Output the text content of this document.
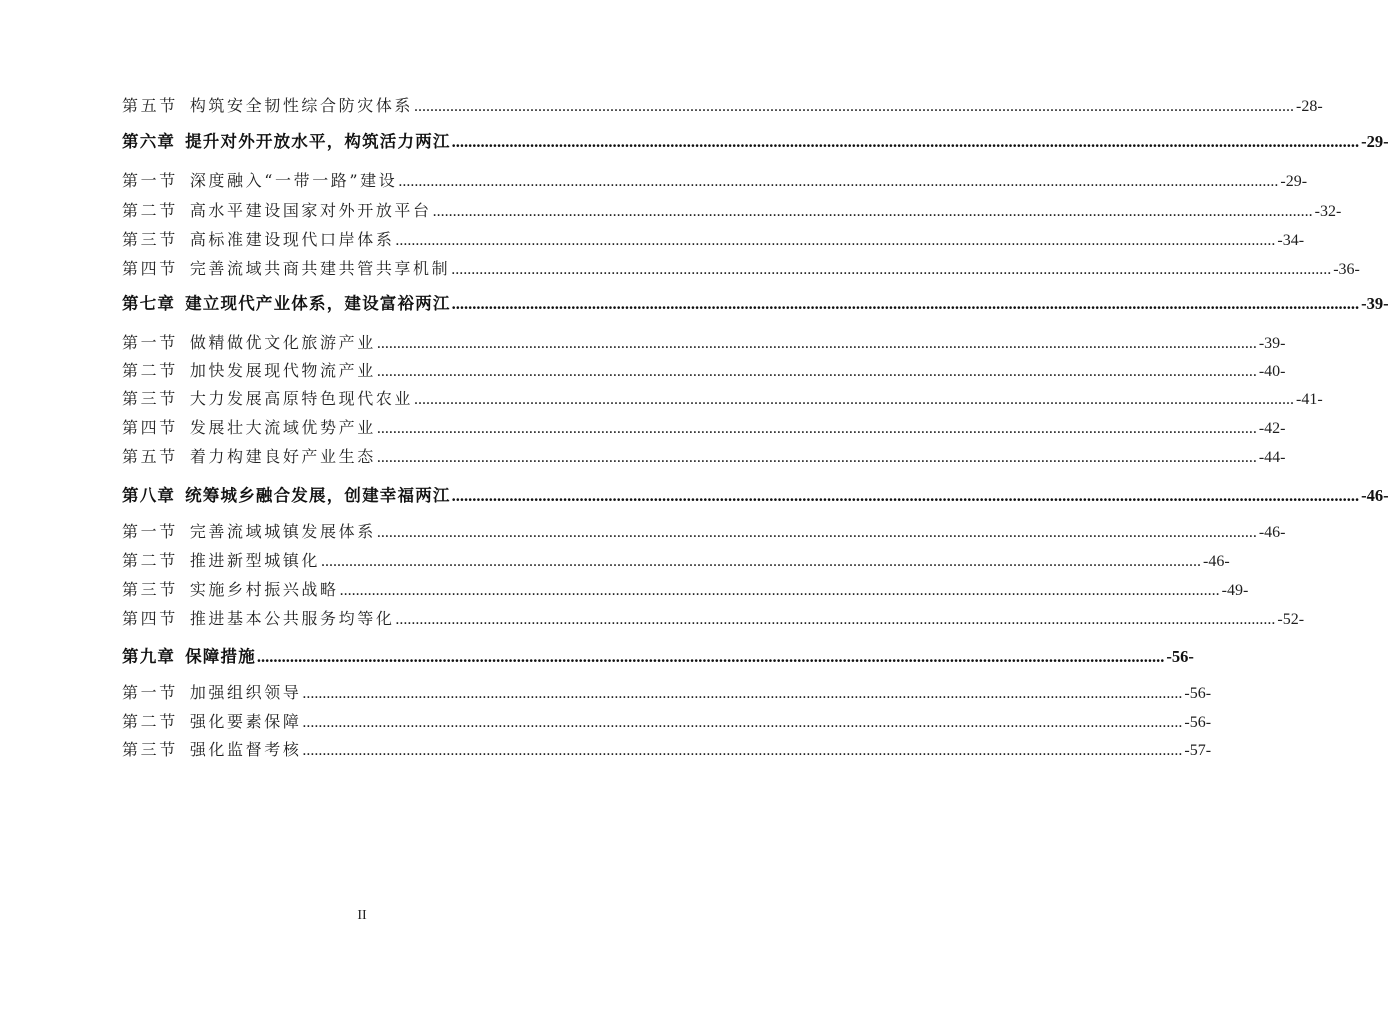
第五节 构筑安全韧性综合防灾体系 ............................................................................................................................................................................................................................ -28-
第六章 提升对外开放水平，构筑活力两江 ............................................................................................................................................................................................................................ -29-
第一节 深度融入“一带一路”建设 ............................................................................................................................................................................................................................ -29-
第二节 高水平建设国家对外开放平台 ............................................................................................................................................................................................................................ -32-
第三节 高标准建设现代口岸体系 ............................................................................................................................................................................................................................ -34-
第四节 完善流域共商共建共管共享机制 ............................................................................................................................................................................................................................ -36-
第七章 建立现代产业体系，建设富裕两江 ............................................................................................................................................................................................................................ -39-
第一节 做精做优文化旅游产业 ............................................................................................................................................................................................................................ -39-
第二节 加快发展现代物流产业 ............................................................................................................................................................................................................................ -40-
第三节 大力发展高原特色现代农业 ............................................................................................................................................................................................................................ -41-
第四节 发展壮大流域优势产业 ............................................................................................................................................................................................................................ -42-
第五节 着力构建良好产业生态 ............................................................................................................................................................................................................................ -44-
第八章 统筹城乡融合发展，创建幸福两江 ............................................................................................................................................................................................................................ -46-
第一节 完善流域城镇发展体系 ............................................................................................................................................................................................................................ -46-
第二节 推进新型城镇化 ............................................................................................................................................................................................................................ -46-
第三节 实施乡村振兴战略 ............................................................................................................................................................................................................................ -49-
第四节 推进基本公共服务均等化 ............................................................................................................................................................................................................................ -52-
第九章 保障措施 ............................................................................................................................................................................................................................ -56-
第一节 加强组织领导 ............................................................................................................................................................................................................................ -56-
第二节 强化要素保障 ............................................................................................................................................................................................................................ -56-
第三节 强化监督考核 ............................................................................................................................................................................................................................ -57-
II
